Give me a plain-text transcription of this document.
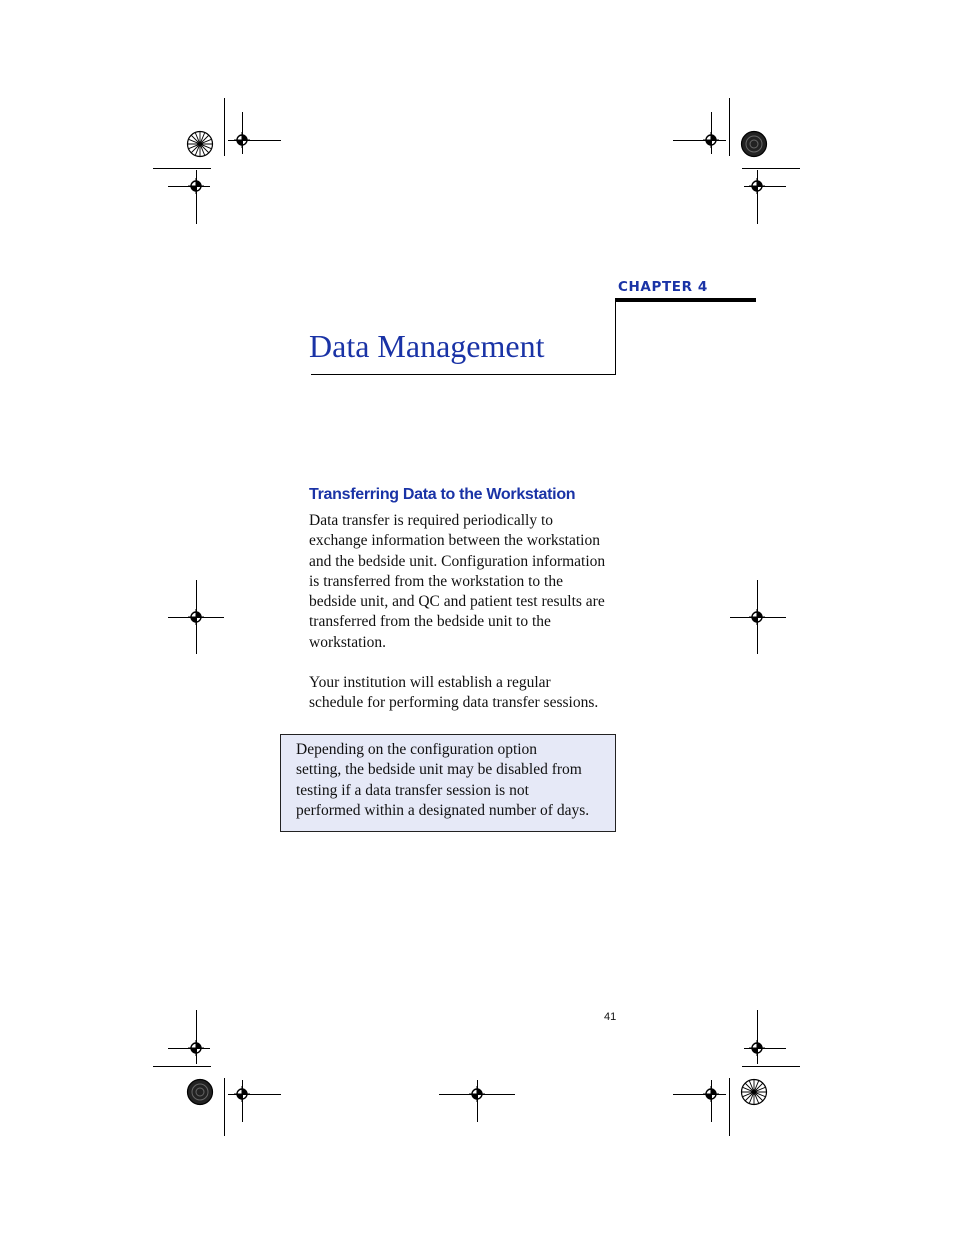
CHAPTER 4
Data Management
Transferring Data to the Workstation
Data transfer is required periodically to
exchange information between the workstation
and the bedside unit. Configuration information
is transferred from the workstation to the
bedside unit, and QC and patient test results are
transferred from the bedside unit to the
workstation.
Your institution will establish a regular
schedule for performing data transfer sessions.
Depending on the configuration option
setting, the bedside unit may be disabled from
testing if a data transfer session is not
performed within a designated number of days.
41
